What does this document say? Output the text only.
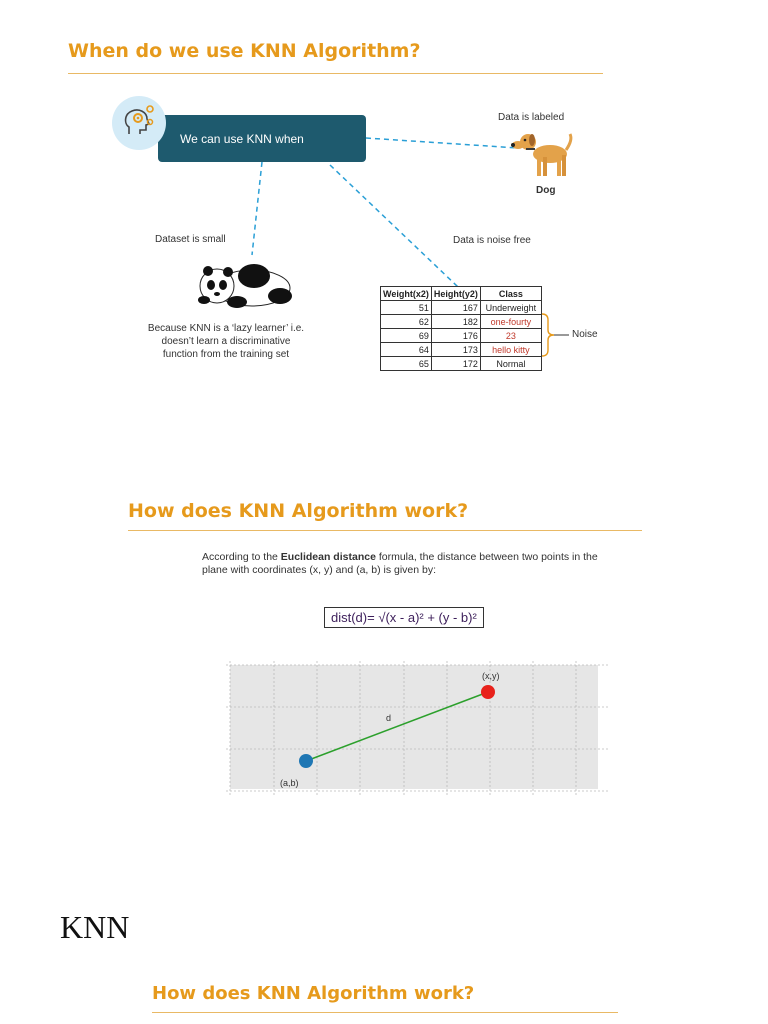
When do we use KNN Algorithm?
We can use KNN when
Data is labeled
Dog
Dataset is small	Data is noise free
Because KNN is a ‘lazy learner’ i.e.
doesn’t learn a discriminative
function from the training set
Weight(x2)	Height(y2)	Class
51	167	Underweight
62	182	one-fourty
69	176	23
64	173	hello kitty
65	172	Normal
Noise
How does KNN Algorithm work?
According to the Euclidean distance formula, the distance between two points in the
plane with coordinates (x, y) and (a, b) is given by:
dist(d)= √(x - a)² + (y - b)²
(x,y)
d
(a,b)
KNN
How does KNN Algorithm work?
